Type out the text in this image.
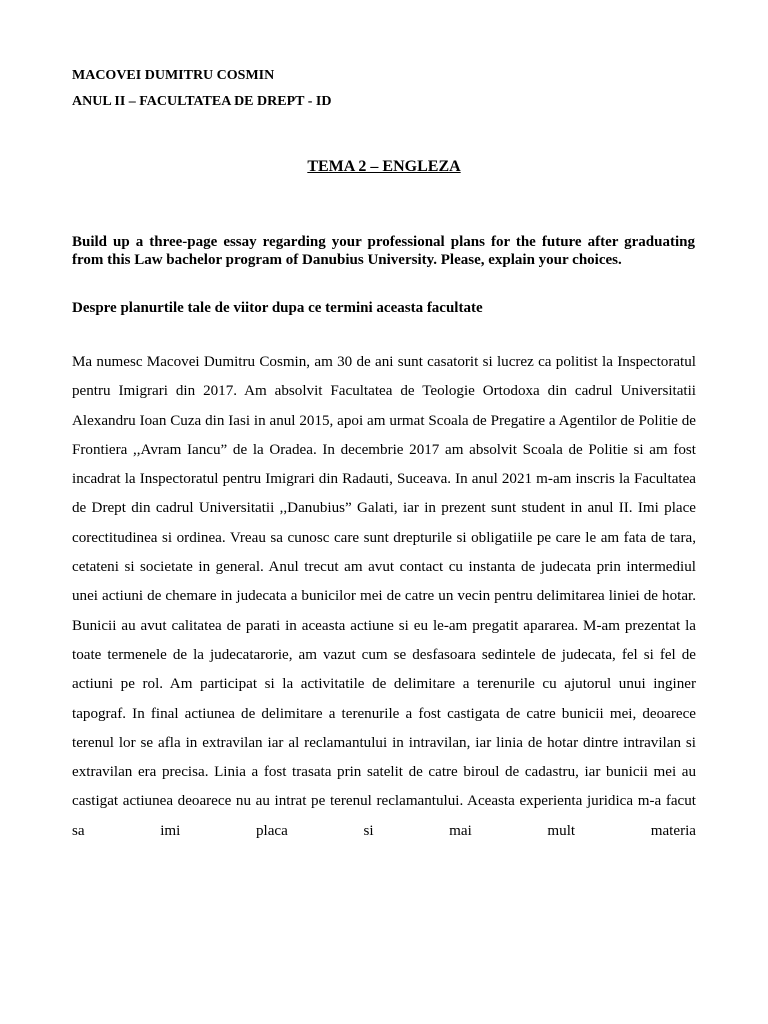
MACOVEI DUMITRU COSMIN
ANUL II – FACULTATEA DE DREPT - ID
TEMA 2 – ENGLEZA

Build up a three-page essay regarding your professional plans for the future after graduating from this Law bachelor program of Danubius University. Please, explain your choices.

Despre planurtile tale de viitor dupa ce termini aceasta facultate

Ma numesc Macovei Dumitru Cosmin, am 30 de ani sunt casatorit si lucrez ca politist la Inspectoratul pentru Imigrari din 2017. Am absolvit Facultatea de Teologie Ortodoxa din cadrul Universitatii Alexandru Ioan Cuza din Iasi in anul 2015, apoi am urmat Scoala de Pregatire a Agentilor de Politie de Frontiera ,,Avram Iancu” de la Oradea. In decembrie 2017 am absolvit Scoala de Politie si am fost incadrat la Inspectoratul pentru Imigrari din Radauti, Suceava. In anul 2021 m-am inscris la Facultatea de Drept din cadrul Universitatii ,,Danubius” Galati, iar in prezent sunt student in anul II. Imi place corectitudinea si ordinea. Vreau sa cunosc care sunt drepturile si obligatiile pe care le am fata de tara, cetateni si societate in general. Anul trecut am avut contact cu instanta de judecata prin intermediul unei actiuni de chemare in judecata a bunicilor mei de catre un vecin pentru delimitarea liniei de hotar. Bunicii au avut calitatea de parati in aceasta actiune si eu le-am pregatit apararea. M-am prezentat la toate termenele de la judecatarorie, am vazut cum se desfasoara sedintele de judecata, fel si fel de actiuni pe rol. Am participat si la activitatile de delimitare a terenurile cu ajutorul unui inginer tapograf. In final actiunea de delimitare a terenurile a fost castigata de catre bunicii mei, deoarece terenul lor se afla in extravilan iar al reclamantului in intravilan, iar linia de hotar dintre intravilan si extravilan era precisa. Linia a fost trasata prin satelit de catre biroul de cadastru, iar bunicii mei au castigat actiunea deoarece nu au intrat pe terenul reclamantului. Aceasta experienta juridica m-a facut sa imi placa si mai mult materia
